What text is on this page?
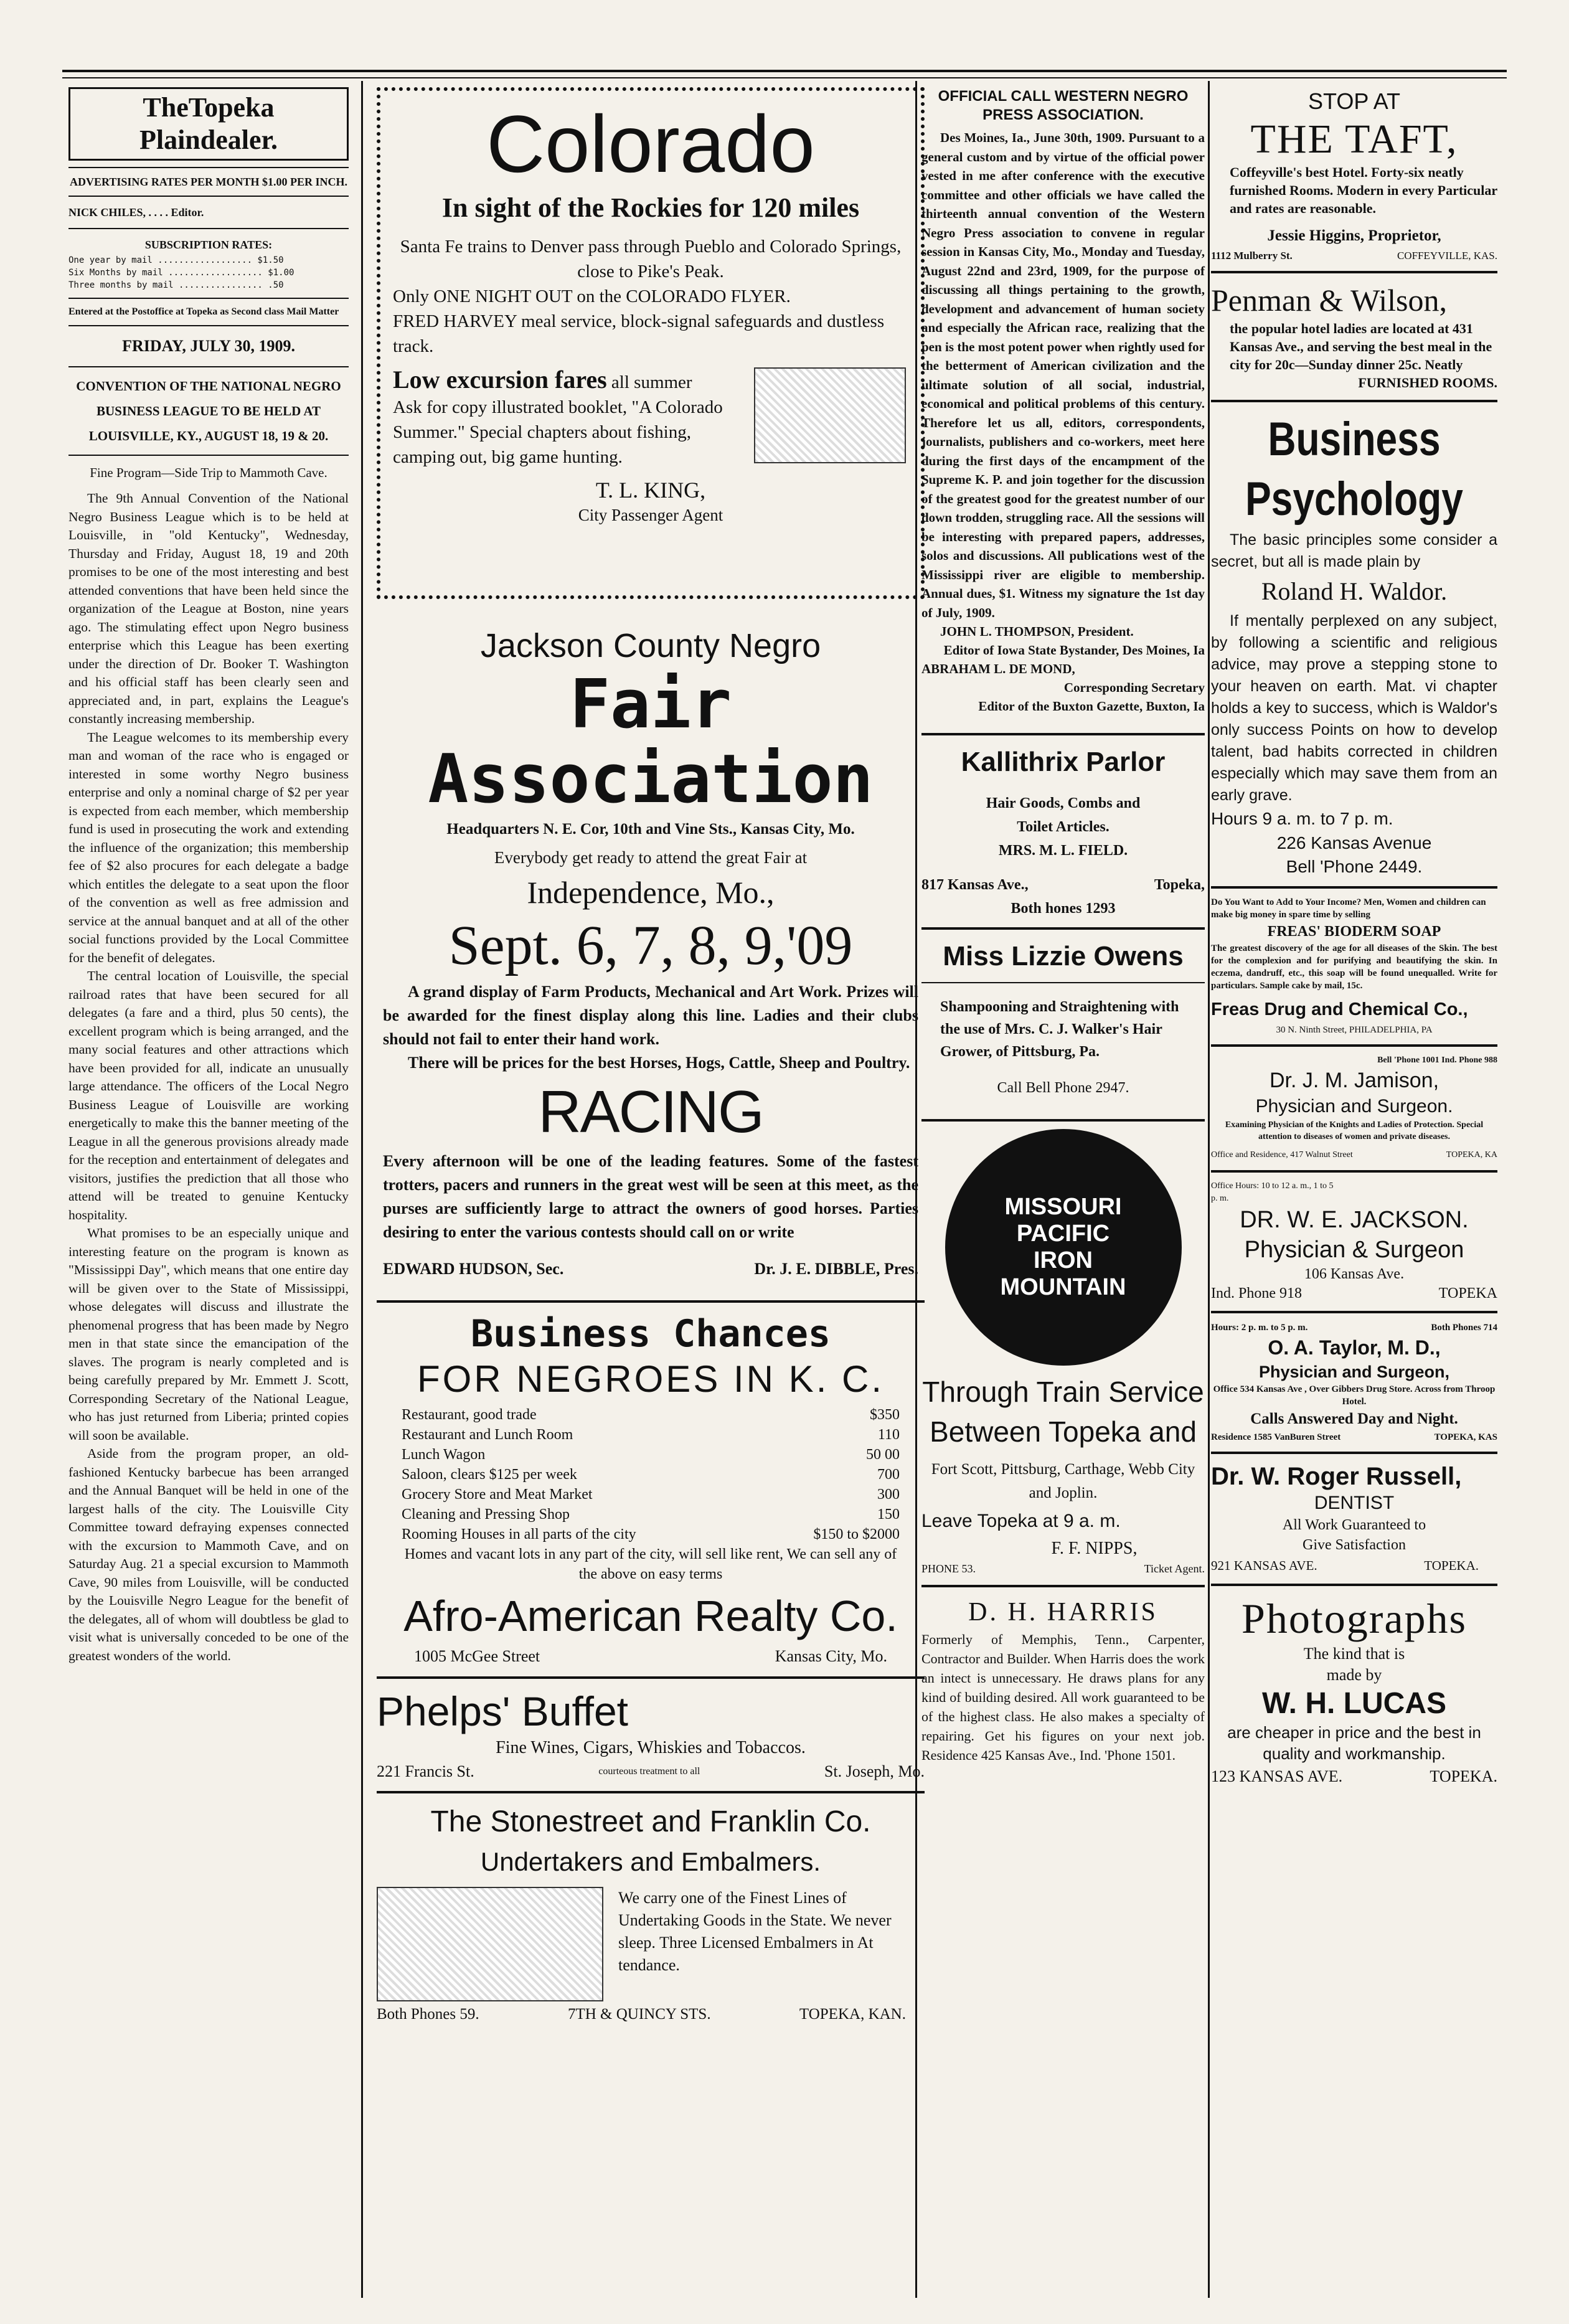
TheTopeka Plaindealer.

ADVERTISING RATES PER MONTH $1.00 PER INCH.

NICK CHILES, . . . . Editor.

SUBSCRIPTION RATES:

One year by mail .................. $1.50

Six Months by mail .................. $1.00

Three months by mail ................ .50

Entered at the Postoffice at Topeka as Second class Mail Matter

FRIDAY, JULY 30, 1909.

CONVENTION OF THE NATIONAL NEGRO BUSINESS LEAGUE TO BE HELD AT LOUISVILLE, KY., AUGUST 18, 19 & 20.

Fine Program—Side Trip to Mammoth Cave.

The 9th Annual Convention of the National Negro Business League which is to be held at Louisville, in "old Kentucky", Wednesday, Thursday and Friday, August 18, 19 and 20th promises to be one of the most interesting and best attended conventions that have been held since the organization of the League at Boston, nine years ago. The stimulating effect upon Negro business enterprise which this League has been exerting under the direction of Dr. Booker T. Washington and his official staff has been clearly seen and appreciated and, in part, explains the League's constantly increasing membership.

The League welcomes to its membership every man and woman of the race who is engaged or interested in some worthy Negro business enterprise and only a nominal charge of $2 per year is expected from each member, which membership fund is used in prosecuting the work and extending the influence of the organization; this membership fee of $2 also procures for each delegate a badge which entitles the delegate to a seat upon the floor of the convention as well as free admission and service at the annual banquet and at all of the other social functions provided by the Local Committee for the benefit of delegates.

The central location of Louisville, the special railroad rates that have been secured for all delegates (a fare and a third, plus 50 cents), the excellent program which is being arranged, and the many social features and other attractions which have been provided for all, indicate an unusually large attendance. The officers of the Local Negro Business League of Louisville are working energetically to make this the banner meeting of the League in all the generous provisions already made for the reception and entertainment of delegates and visitors, justifies the prediction that all those who attend will be treated to genuine Kentucky hospitality.

What promises to be an especially unique and interesting feature on the program is known as "Mississippi Day", which means that one entire day will be given over to the State of Mississippi, whose delegates will discuss and illustrate the phenomenal progress that has been made by Negro men in that state since the emancipation of the slaves. The program is nearly completed and is being carefully prepared by Mr. Emmett J. Scott, Corresponding Secretary of the National League, who has just returned from Liberia; printed copies will soon be available.

Aside from the program proper, an old-fashioned Kentucky barbecue has been arranged and the Annual Banquet will be held in one of the largest halls of the city. The Louisville City Committee toward defraying expenses connected with the excursion to Mammoth Cave, and on Saturday Aug. 21 a special excursion to Mammoth Cave, 90 miles from Louisville, will be conducted by the Louisville Negro League for the benefit of the delegates, all of whom will doubtless be glad to visit what is universally conceded to be one of the greatest wonders of the world.

Colorado

In sight of the Rockies for 120 miles

Santa Fe trains to Denver pass through Pueblo and Colorado Springs, close to Pike's Peak.

Only ONE NIGHT OUT on the COLORADO FLYER.

FRED HARVEY meal service, block-signal safeguards and dustless track.

Low excursion fares all summer

Ask for copy illustrated booklet, "A Colorado Summer." Special chapters about fishing, camping out, big game hunting.

T. L. KING,

City Passenger Agent

Jackson County Negro

Fair Association

Headquarters N. E. Cor, 10th and Vine Sts., Kansas City, Mo.

Everybody get ready to attend the great Fair at

Independence, Mo.,

Sept. 6, 7, 8, 9,'09

A grand display of Farm Products, Mechanical and Art Work. Prizes will be awarded for the finest display along this line. Ladies and their clubs should not fail to enter their hand work.

There will be prices for the best Horses, Hogs, Cattle, Sheep and Poultry.

RACING

Every afternoon will be one of the leading features. Some of the fastest trotters, pacers and runners in the great west will be seen at this meet, as the purses are sufficiently large to attract the owners of good horses. Parties desiring to enter the various contests should call on or write

EDWARD HUDSON, Sec.	Dr. J. E. DIBBLE, Pres.

Business Chances

FOR NEGROES IN K. C.

Restaurant, good trade	$350
Restaurant and Lunch Room	110
Lunch Wagon	50 00
Saloon, clears $125 per week	700
Grocery Store and Meat Market	300
Cleaning and Pressing Shop	150
Rooming Houses in all parts of the city	$150 to $2000

Homes and vacant lots in any part of the city, will sell like rent, We can sell any of the above on easy terms

Afro-American Realty Co.

1005 McGee Street	Kansas City, Mo.

Phelps' Buffet

Fine Wines, Cigars, Whiskies and Tobaccos.

221 Francis St.	courteous treatment to all	St. Joseph, Mo.

The Stonestreet and Franklin Co.

Undertakers and Embalmers.

We carry one of the Finest Lines of Undertaking Goods in the State. We never sleep. Three Licensed Embalmers in At tendance.

Both Phones 59.	7TH & QUINCY STS.	TOPEKA, KAN.

OFFICIAL CALL WESTERN NEGRO PRESS ASSOCIATION.

Des Moines, Ia., June 30th, 1909. Pursuant to a general custom and by virtue of the official power vested in me after conference with the executive committee and other officials we have called the thirteenth annual convention of the Western Negro Press association to convene in regular session in Kansas City, Mo., Monday and Tuesday, August 22nd and 23rd, 1909, for the purpose of discussing all things pertaining to the growth, development and advancement of human society and especially the African race, realizing that the pen is the most potent power when rightly used for the betterment of American civilization and the ultimate solution of all social, industrial, economical and political problems of this century. Therefore let us all, editors, correspondents, journalists, publishers and co-workers, meet here during the first days of the encampment of the Supreme K. P. and join together for the discussion of the greatest good for the greatest number of our down trodden, struggling race. All the sessions will be interesting with prepared papers, addresses, solos and discussions. All publications west of the Mississippi river are eligible to membership. Annual dues, $1. Witness my signature the 1st day of July, 1909.

JOHN L. THOMPSON, President.

Editor of Iowa State Bystander, Des Moines, Ia

ABRAHAM L. DE MOND,

Corresponding Secretary

Editor of the Buxton Gazette, Buxton, Ia

Kallithrix Parlor

Hair Goods, Combs and Toilet Articles.

MRS. M. L. FIELD.

817 Kansas Ave.,	Topeka,

Both hones 1293

Miss Lizzie Owens

Shampooning and Straightening with the use of Mrs. C. J. Walker's Hair Grower, of Pittsburg, Pa.

Call Bell Phone 2947.

MISSOURI
PACIFIC
IRON
MOUNTAIN

Through Train Service Between Topeka and

Fort Scott, Pittsburg, Carthage, Webb City and Joplin.

Leave Topeka at 9 a. m.

F. F. NIPPS,

PHONE 53.	Ticket Agent.

D. H. HARRIS

Formerly of Memphis, Tenn., Carpenter, Contractor and Builder. When Harris does the work an intect is unnecessary. He draws plans for any kind of building desired. All work guaranteed to be of the highest class. He also makes a specialty of repairing. Get his figures on your next job. Residence 425 Kansas Ave., Ind. 'Phone 1501.

STOP AT

THE TAFT,

Coffeyville's best Hotel. Forty-six neatly furnished Rooms. Modern in every Particular and rates are reasonable.

Jessie Higgins, Proprietor,

1112 Mulberry St.	COFFEYVILLE, KAS.

Penman & Wilson,

the popular hotel ladies are located at 431 Kansas Ave., and serving the best meal in the city for 20c—Sunday dinner 25c. Neatly

FURNISHED ROOMS.

Business

Psychology

The basic principles some consider a secret, but all is made plain by

Roland H. Waldor.

If mentally perplexed on any subject, by following a scientific and religious advice, may prove a stepping stone to your heaven on earth. Mat. vi chapter holds a key to success, which is Waldor's only success Points on how to develop talent, bad habits corrected in children especially which may save them from an early grave.

Hours 9 a. m. to 7 p. m.

226 Kansas Avenue

Bell 'Phone 2449.

Do You Want to Add to Your Income? Men, Women and children can make big money in spare time by selling

FREAS' BIODERM SOAP

The greatest discovery of the age for all diseases of the Skin. The best for the complexion and for purifying and beautifying the skin. In eczema, dandruff, etc., this soap will be found unequalled. Write for particulars. Sample cake by mail, 15c.

Freas Drug and Chemical Co.,

30 N. Ninth Street, PHILADELPHIA, PA

Bell 'Phone 1001 Ind. Phone 988

Dr. J. M. Jamison,

Physician and Surgeon.

Examining Physician of the Knights and Ladies of Protection. Special attention to diseases of women and private diseases.

Office and Residence, 417 Walnut Street	TOPEKA, KA

Office Hours: 10 to 12 a. m., 1 to 5 p. m.

DR. W. E. JACKSON.

Physician & Surgeon

106 Kansas Ave.

Ind. Phone 918	TOPEKA
Hours: 2 p. m. to 5 p. m.	Both Phones 714

O. A. Taylor, M. D.,

Physician and Surgeon,

Office 534 Kansas Ave , Over Gibbers Drug Store. Across from Throop Hotel.

Calls Answered Day and Night.

Residence 1585 VanBuren Street	TOPEKA, KAS

Dr. W. Roger Russell,

DENTIST

All Work Guaranteed to

Give Satisfaction

921 KANSAS AVE.	TOPEKA.

Photographs

The kind that is

made by

W. H. LUCAS

are cheaper in price and the best in quality and workmanship.

123 KANSAS AVE.	TOPEKA.
